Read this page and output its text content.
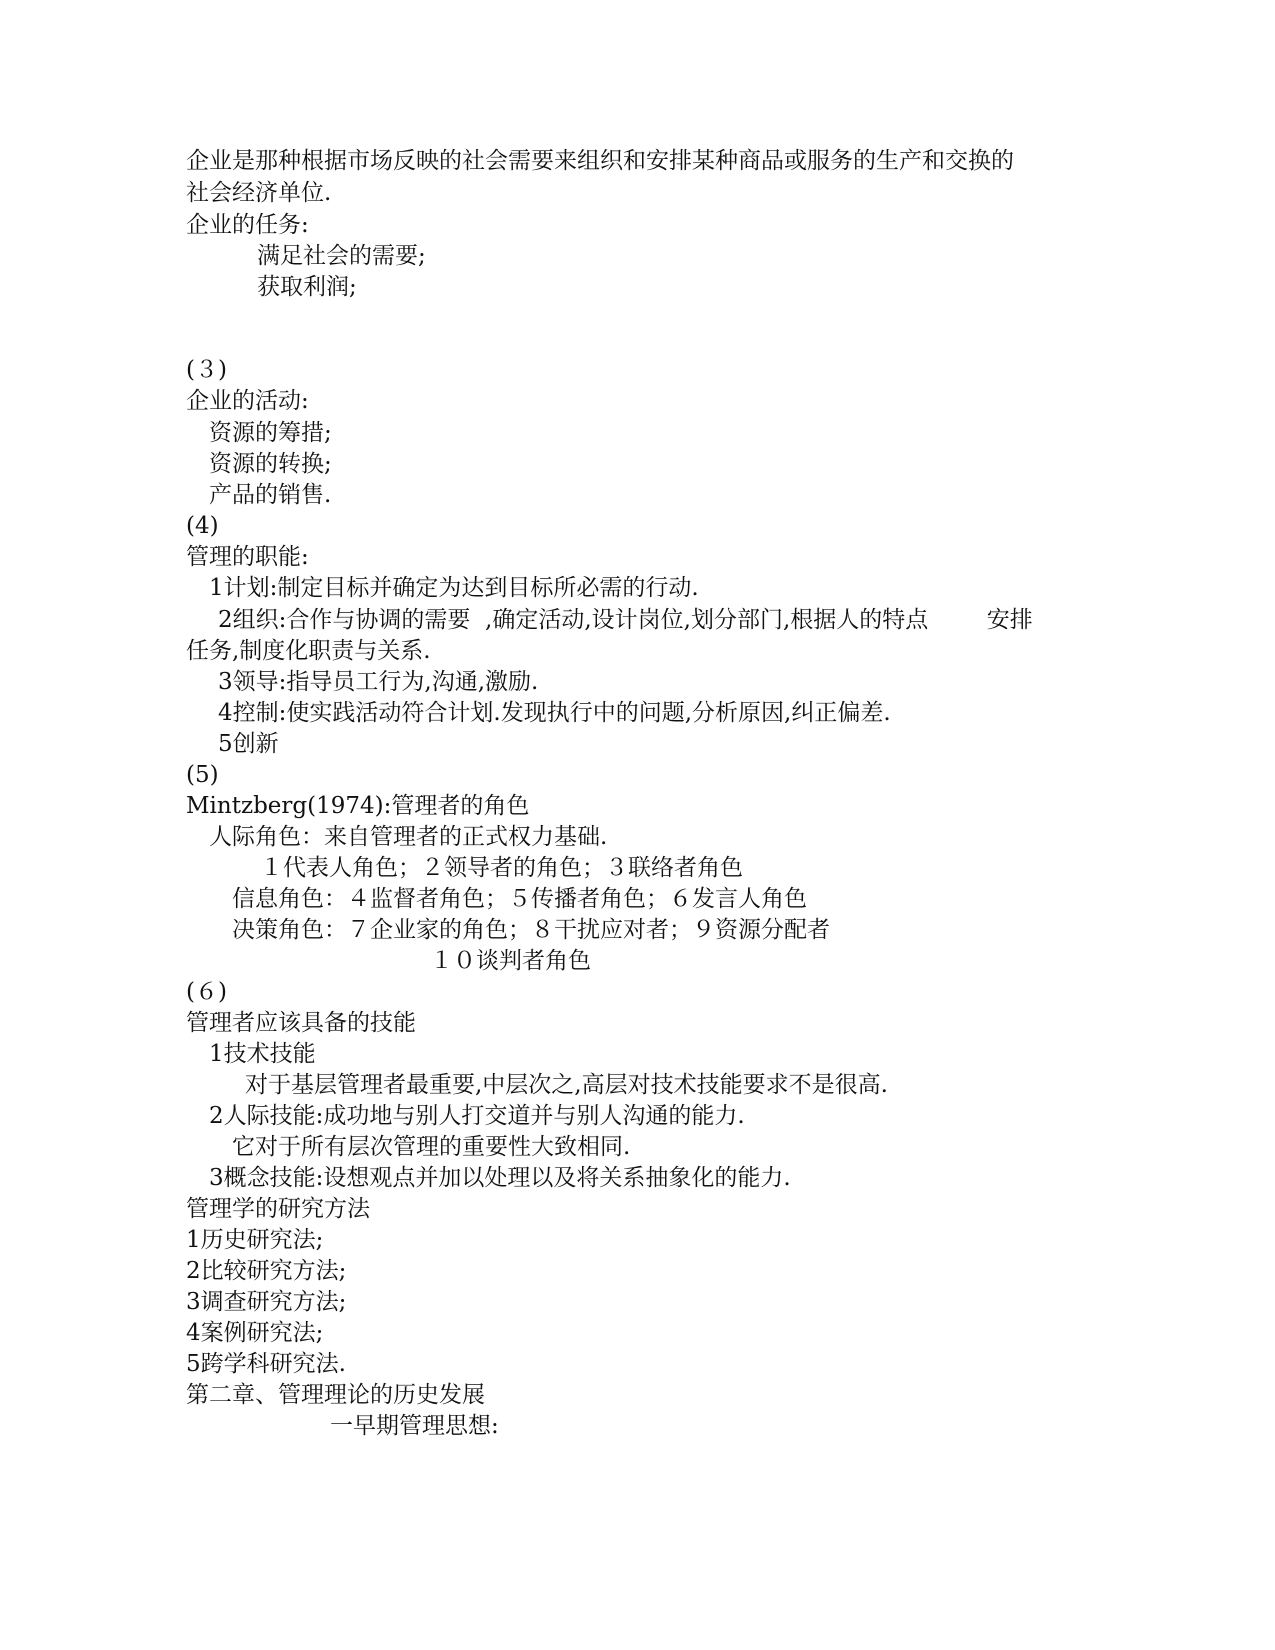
企业是那种根据市场反映的社会需要来组织和安排某种商品或服务的生产和交换的

社会经济单位.

企业的任务:

满足社会的需要;

获取利润;

(３)

企业的活动:

资源的筹措;

资源的转换;

产品的销售.

(4)

管理的职能:

1计划:制定目标并确定为达到目标所必需的行动.

2组织:合作与协调的需要  ,确定活动,设计岗位,划分部门,根据人的特点        安排

任务,制度化职责与关系.

3领导:指导员工行为,沟通,激励.

4控制:使实践活动符合计划.发现执行中的问题,分析原因,纠正偏差.

5创新

(5)

Mintzberg(1974):管理者的角色

人际角色：来自管理者的正式权力基础.

１代表人角色；２领导者的角色；３联络者角色

信息角色：４监督者角色；５传播者角色；６发言人角色

决策角色：７企业家的角色；８干扰应对者；９资源分配者

１０谈判者角色

(６)

管理者应该具备的技能

1技术技能

对于基层管理者最重要,中层次之,高层对技术技能要求不是很高.

2人际技能:成功地与别人打交道并与别人沟通的能力.

它对于所有层次管理的重要性大致相同.

3概念技能:设想观点并加以处理以及将关系抽象化的能力.

管理学的研究方法

1历史研究法;

2比较研究方法;

3调查研究方法;

4案例研究法;

5跨学科研究法.

第二章、管理理论的历史发展

一早期管理思想:
